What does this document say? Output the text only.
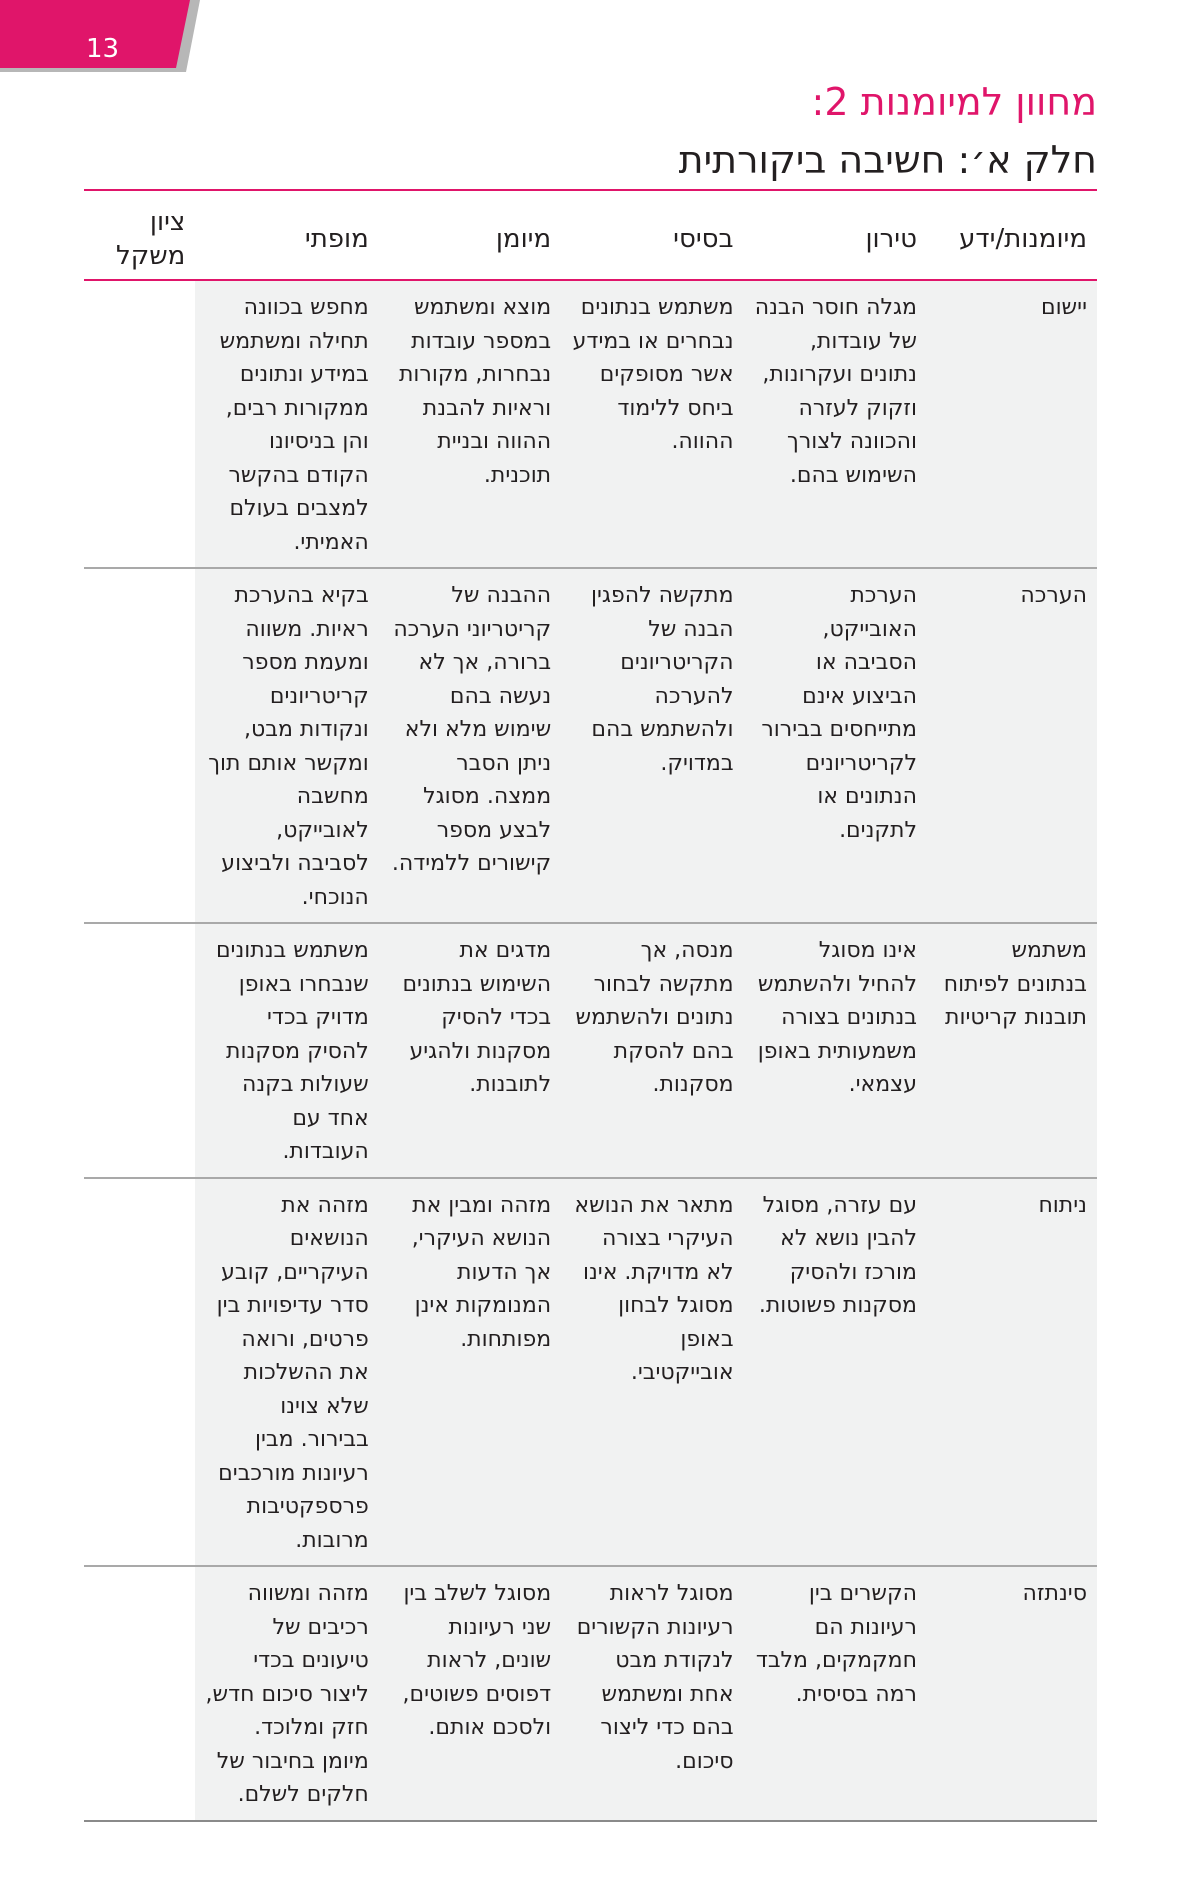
13
מחוון למיומנות 2:
חלק א׳: חשיבה ביקורתית
מיומנות/ידע	טירון	בסיסי	מיומן	מופתי	ציון משקל

יישום	מגלה חוסר הבנה של עובדות, נתונים ועקרונות, וזקוק לעזרה והכוונה לצורך השימוש בהם.	משתמש בנתונים נבחרים או במידע אשר מסופקים ביחס ללימוד ההווה.	מוצא ומשתמש במספר עובדות נבחרות, מקורות וראיות להבנת ההווה ובניית תוכנית.	מחפש בכוונה תחילה ומשתמש במידע ונתונים ממקורות רבים, והן בניסיונו הקודם בהקשר למצבים בעולם האמיתי.	
הערכה	הערכת האובייקט, הסביבה או הביצוע אינם מתייחסים בבירור לקריטריונים הנתונים או לתקנים.	מתקשה להפגין הבנה של הקריטריונים להערכה ולהשתמש בהם במדויק.	ההבנה של קריטריוני הערכה ברורה, אך לא נעשה בהם שימוש מלא ולא ניתן הסבר ממצה. מסוגל לבצע מספר קישורים ללמידה.	בקיא בהערכת ראיות. משווה ומעמת מספר קריטריונים ונקודות מבט, ומקשר אותם תוך מחשבה לאובייקט, לסביבה ולביצוע הנוכחי.	
משתמש בנתונים לפיתוח תובנות קריטיות	אינו מסוגל להחיל ולהשתמש בנתונים בצורה משמעותית באופן עצמאי.	מנסה, אך מתקשה לבחור נתונים ולהשתמש בהם להסקת מסקנות.	מדגים את השימוש בנתונים בכדי להסיק מסקנות ולהגיע לתובנות.	משתמש בנתונים שנבחרו באופן מדויק בכדי להסיק מסקנות שעולות בקנה אחד עם העובדות.	
ניתוח	עם עזרה, מסוגל להבין נושא לא מורכז ולהסיק מסקנות פשוטות.	מתאר את הנושא העיקרי בצורה לא מדויקת. אינו מסוגל לבחון באופן אובייקטיבי.	מזהה ומבין את הנושא העיקרי, אך הדעות המנומקות אינן מפותחות.	מזהה את הנושאים העיקריים, קובע סדר עדיפויות בין פרטים, ורואה את ההשלכות שלא צוינו בבירור. מבין רעיונות מורכבים פרספקטיבות מרובות.	
סינתזה	הקשרים בין רעיונות הם חמקמקים, מלבד רמה בסיסית.	מסוגל לראות רעיונות הקשורים לנקודת מבט אחת ומשתמש בהם כדי ליצור סיכום.	מסוגל לשלב בין שני רעיונות שונים, לראות דפוסים פשוטים, ולסכם אותם.	מזהה ומשווה רכיבים של טיעונים בכדי ליצור סיכום חדש, חזק ומלוכד. מיומן בחיבור של חלקים לשלם.	
